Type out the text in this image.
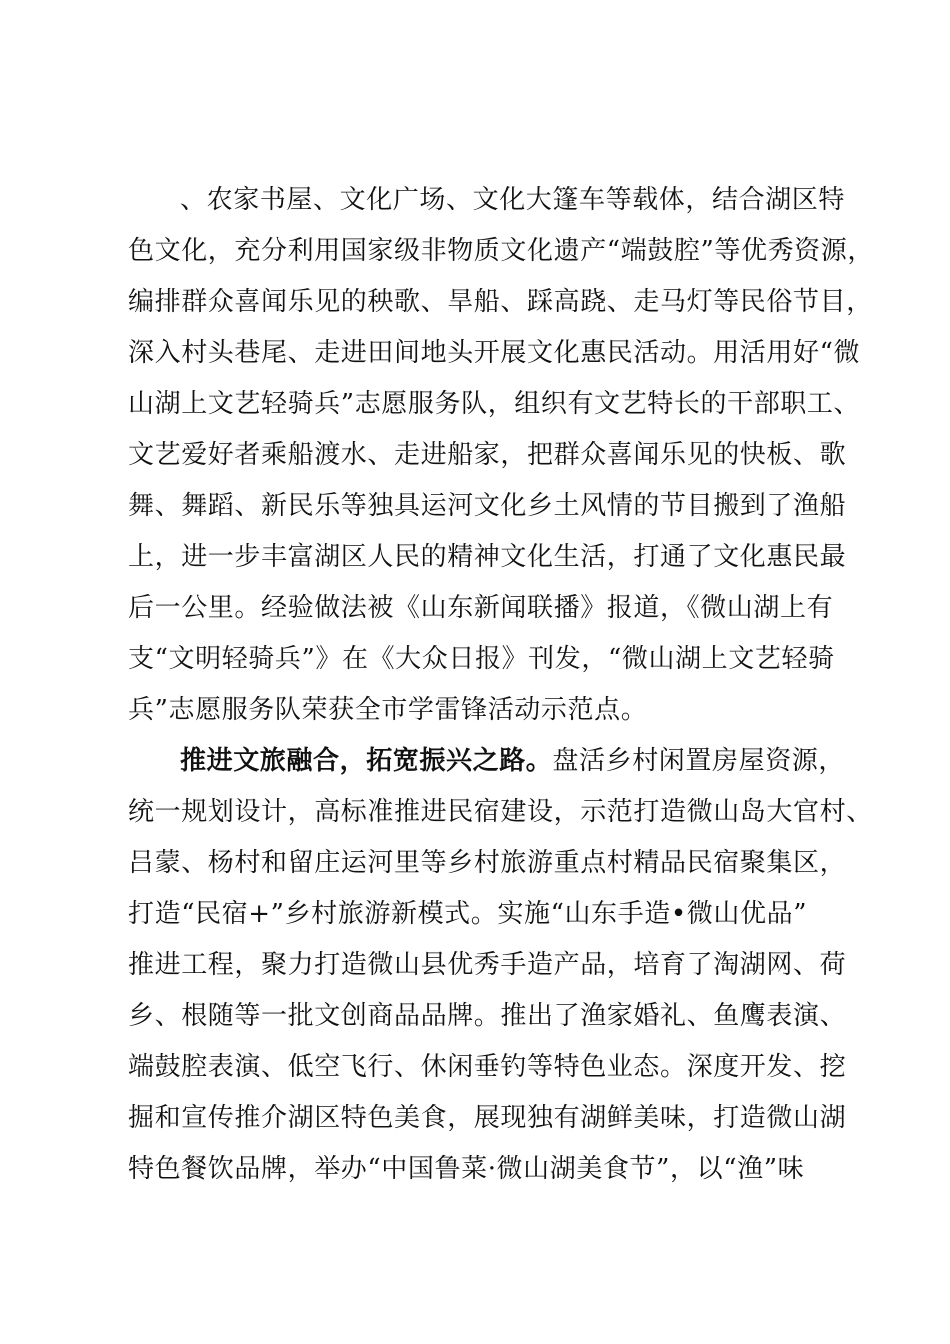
、农家书屋、文化广场、文化大篷车等载体，结合湖区特
色文化，充分利用国家级非物质文化遗产“端鼓腔”等优秀资源，
编排群众喜闻乐见的秧歌、旱船、踩高跷、走马灯等民俗节目，
深入村头巷尾、走进田间地头开展文化惠民活动。用活用好“微
山湖上文艺轻骑兵”志愿服务队，组织有文艺特长的干部职工、
文艺爱好者乘船渡水、走进船家，把群众喜闻乐见的快板、歌
舞、舞蹈、新民乐等独具运河文化乡土风情的节目搬到了渔船
上，进一步丰富湖区人民的精神文化生活，打通了文化惠民最
后一公里。经验做法被《山东新闻联播》报道，《微山湖上有
支“文明轻骑兵”》在《大众日报》刊发，“微山湖上文艺轻骑
兵”志愿服务队荣获全市学雷锋活动示范点。
推进文旅融合，拓宽振兴之路。盘活乡村闲置房屋资源，
统一规划设计，高标准推进民宿建设，示范打造微山岛大官村、
吕蒙、杨村和留庄运河里等乡村旅游重点村精品民宿聚集区，
打造“民宿+”乡村旅游新模式。实施“山东手造•微山优品”
推进工程，聚力打造微山县优秀手造产品，培育了淘湖网、荷
乡、根随等一批文创商品品牌。推出了渔家婚礼、鱼鹰表演、
端鼓腔表演、低空飞行、休闲垂钓等特色业态。深度开发、挖
掘和宣传推介湖区特色美食，展现独有湖鲜美味，打造微山湖
特色餐饮品牌，举办“中国鲁菜·微山湖美食节”，以“渔”味
